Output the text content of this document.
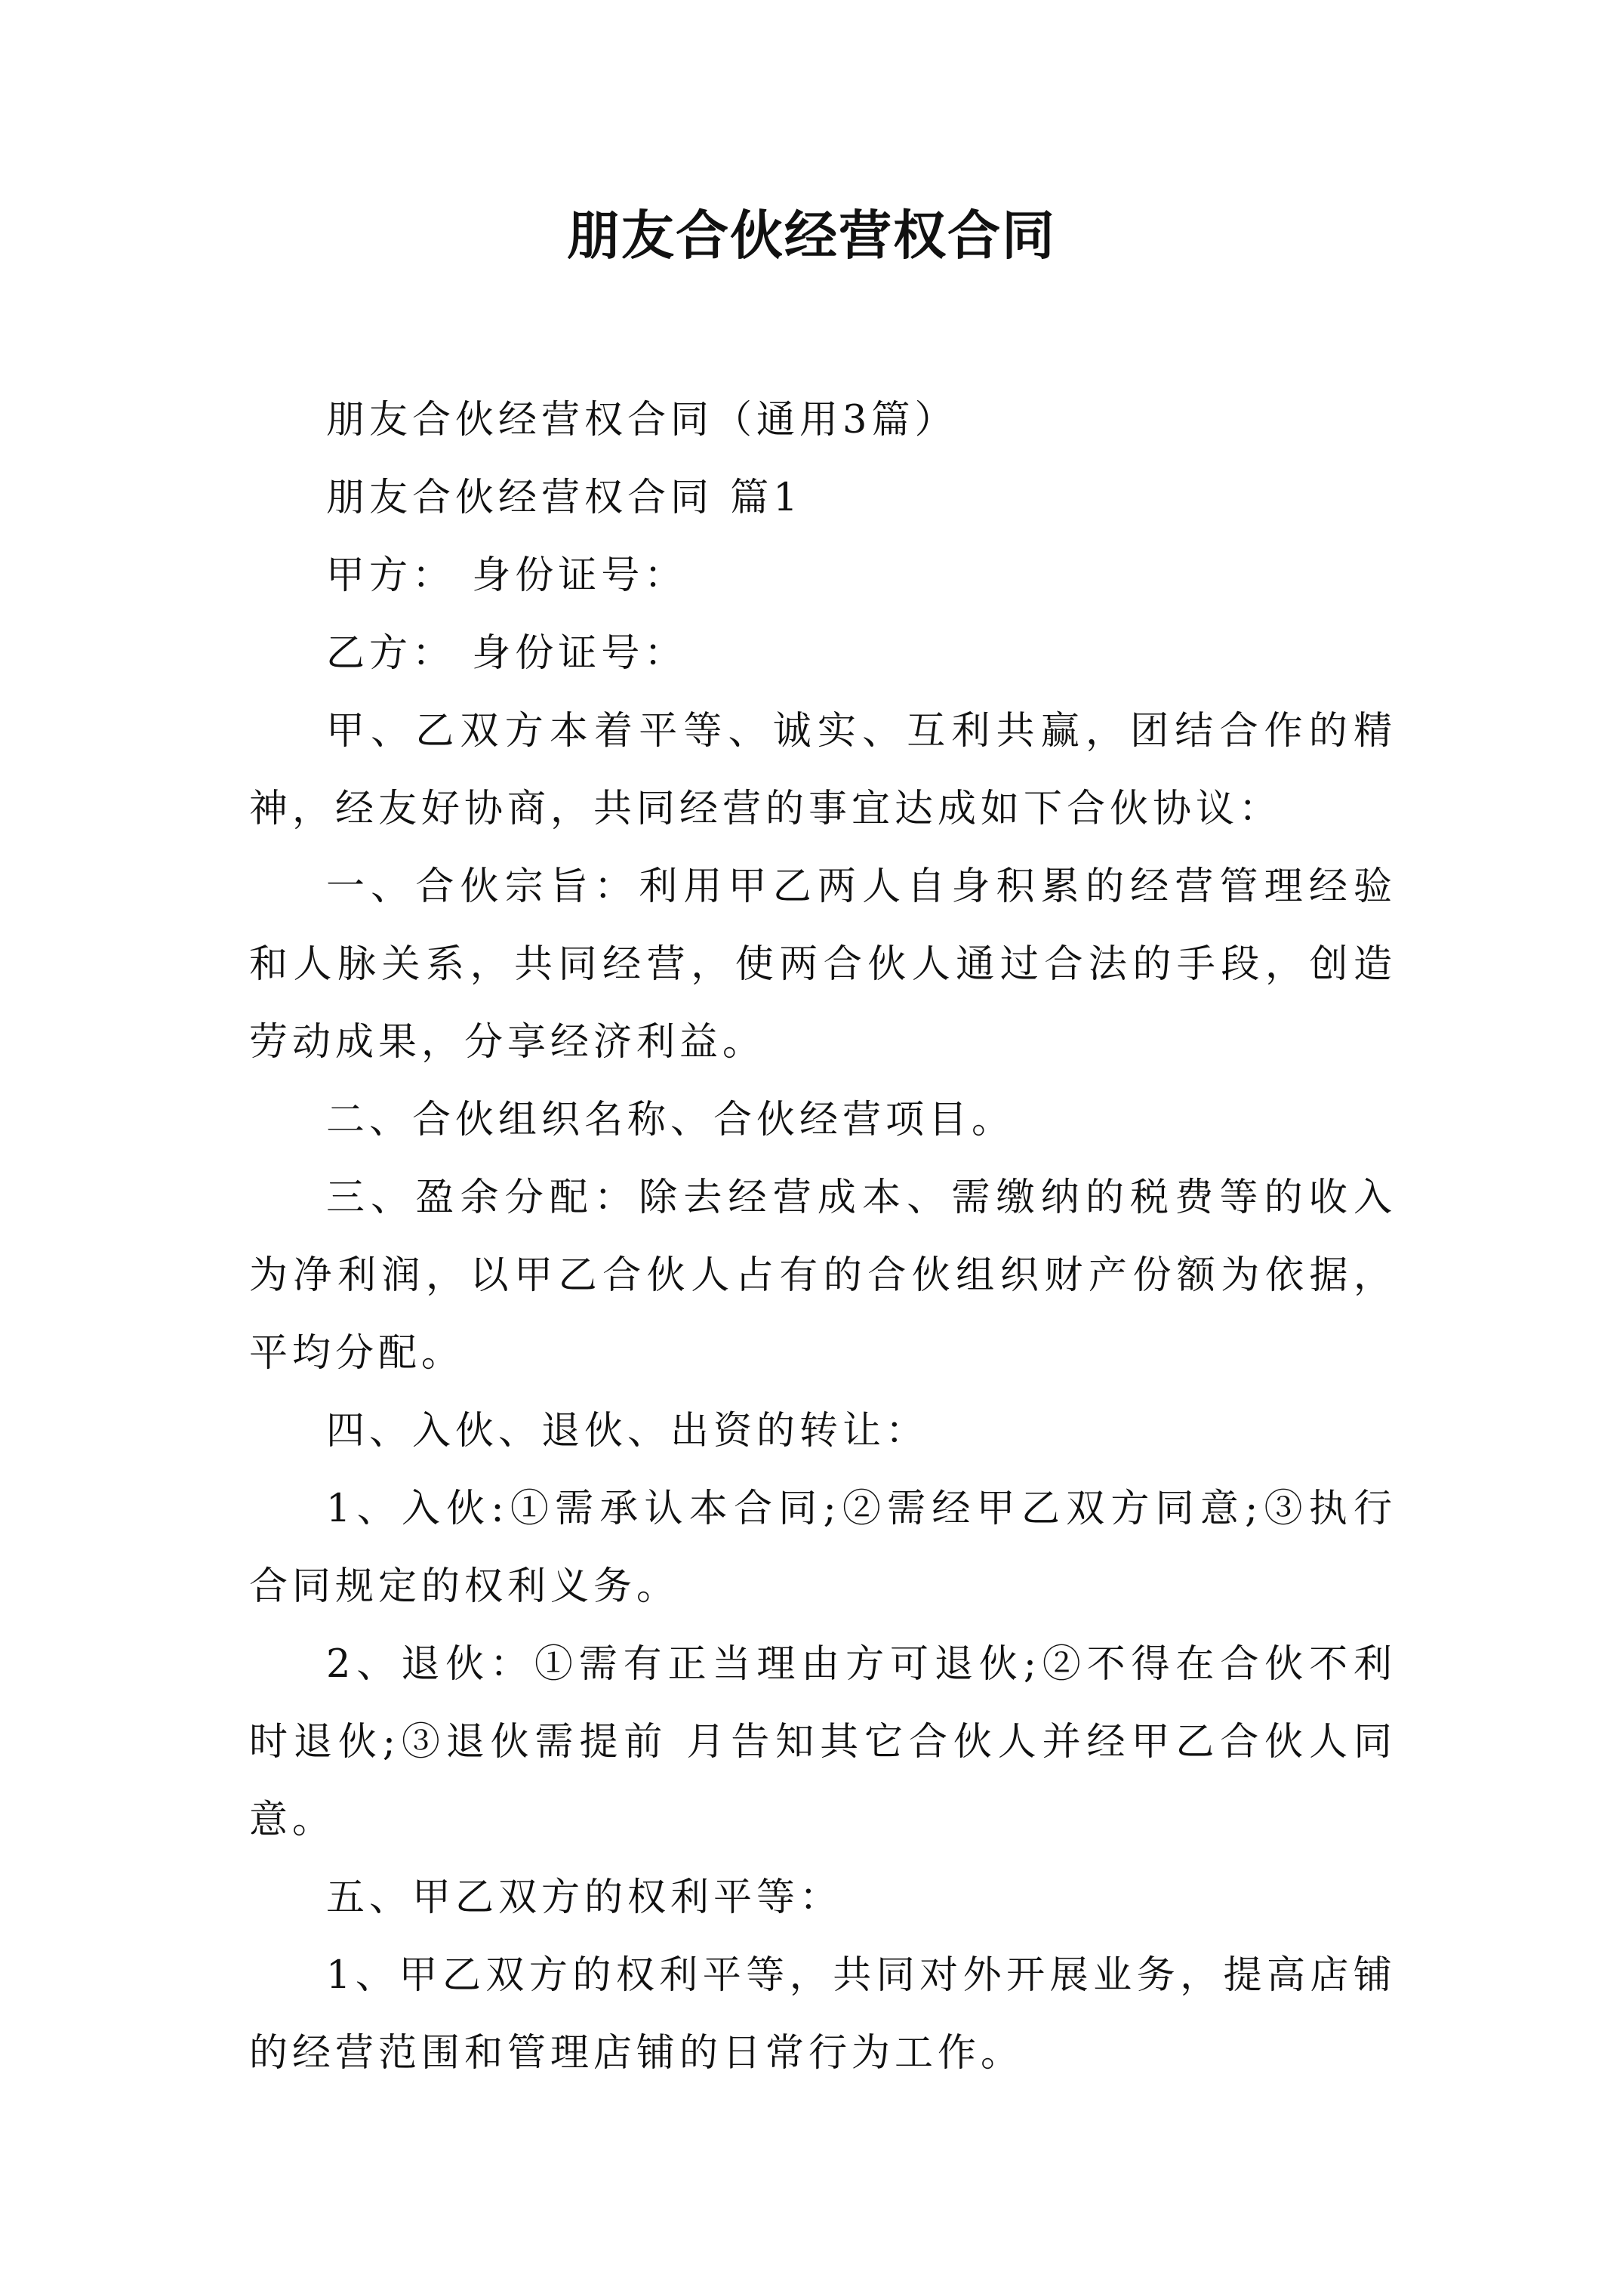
朋友合伙经营权合同

朋友合伙经营权合同（通用3篇）

朋友合伙经营权合同 篇1

甲方： 身份证号：

乙方： 身份证号：

甲、乙双方本着平等、诚实、互利共赢，团结合作的精神，经友好协商，共同经营的事宜达成如下合伙协议：

一、合伙宗旨：利用甲乙两人自身积累的经营管理经验和人脉关系，共同经营，使两合伙人通过合法的手段，创造劳动成果，分享经济利益。

二、合伙组织名称、合伙经营项目。

三、盈余分配：除去经营成本、需缴纳的税费等的收入为净利润，以甲乙合伙人占有的合伙组织财产份额为依据，平均分配。

四、入伙、退伙、出资的转让：

1、入伙:①需承认本合同;②需经甲乙双方同意;③执行合同规定的权利义务。

2、退伙：①需有正当理由方可退伙;②不得在合伙不利时退伙;③退伙需提前 月告知其它合伙人并经甲乙合伙人同意。

五、甲乙双方的权利平等：

1、甲乙双方的权利平等，共同对外开展业务，提高店铺的经营范围和管理店铺的日常行为工作。
